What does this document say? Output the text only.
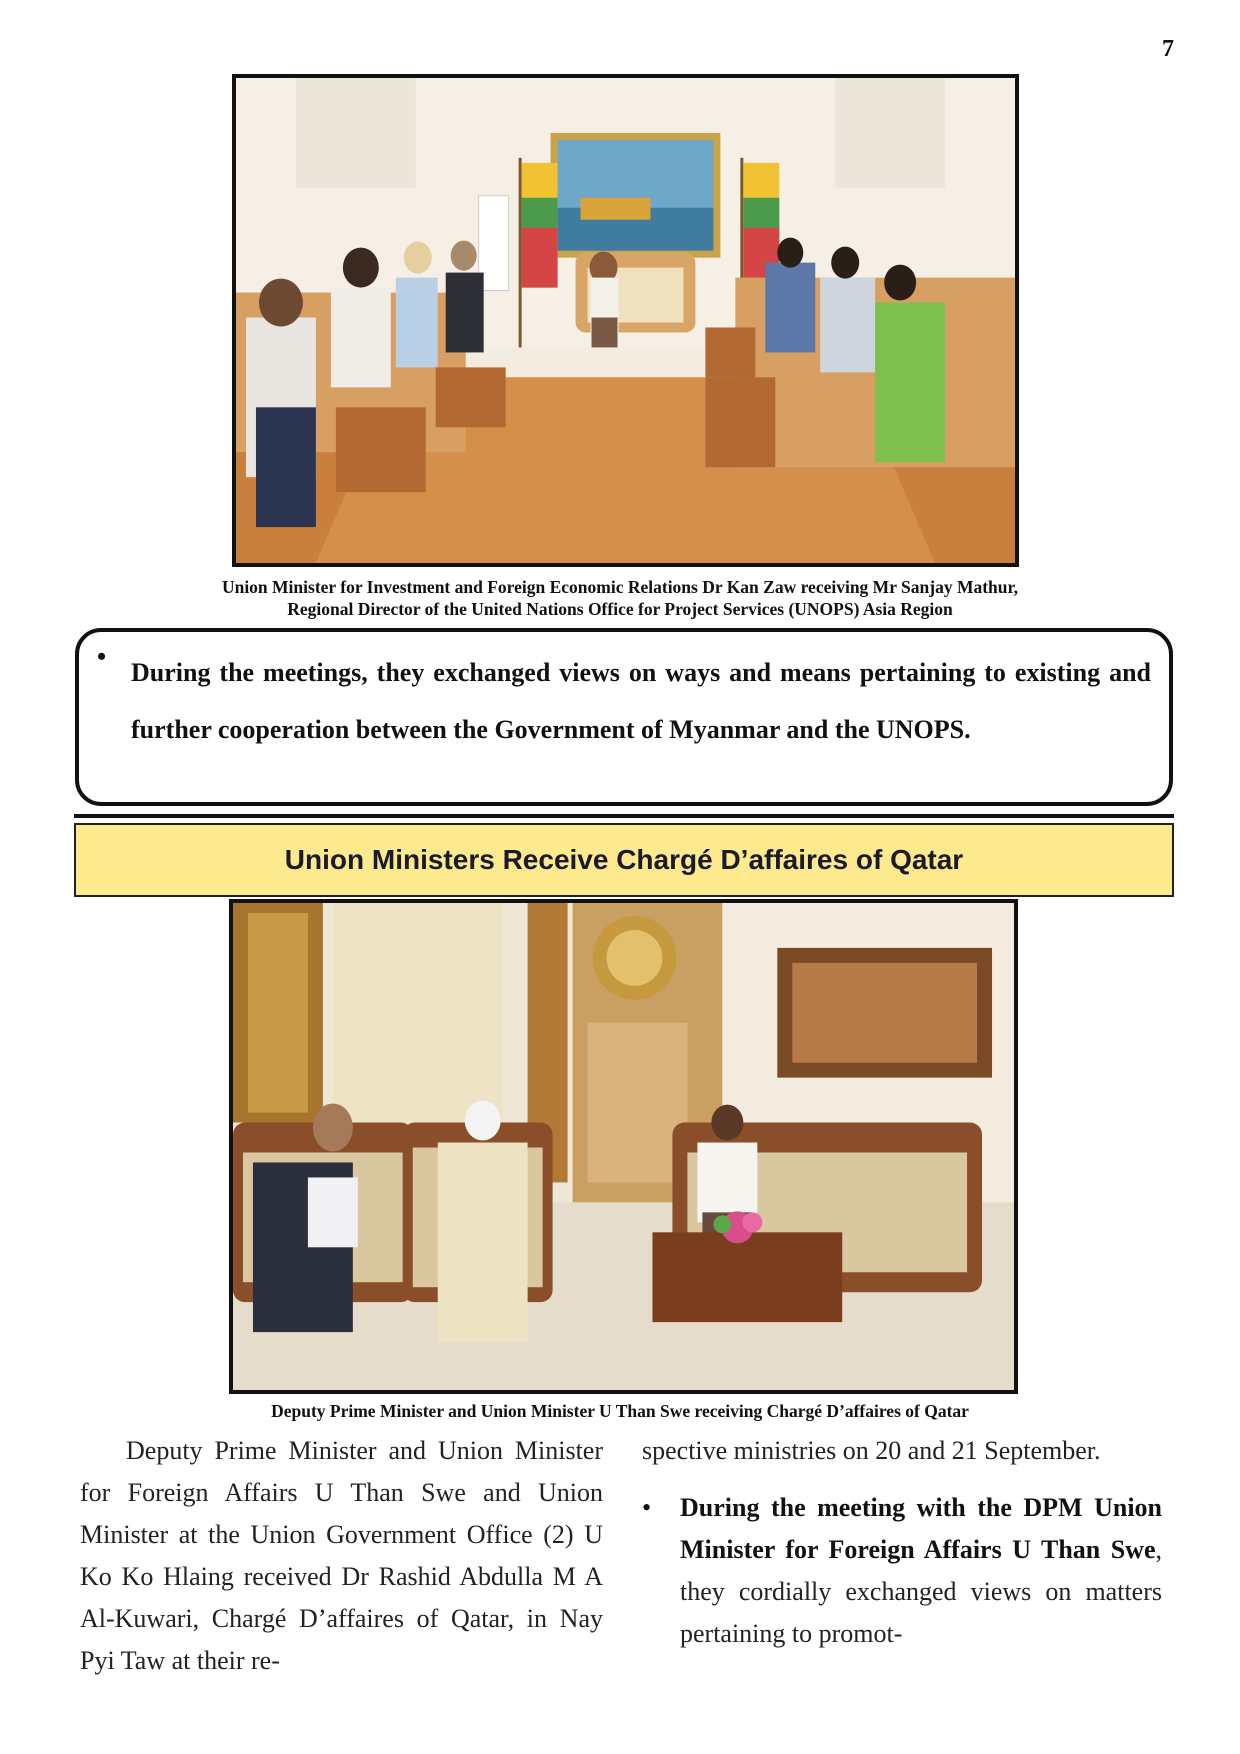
7
Union Minister for Investment and Foreign Economic Relations Dr Kan Zaw receiving Mr Sanjay Mathur,
Regional Director of the United Nations Office for Project Services (UNOPS) Asia Region
•
During the meetings, they exchanged views on ways and means pertaining to existing and further cooperation between the Government of Myanmar and the UNOPS.
Union Ministers Receive Chargé D’affaires of Qatar
Deputy Prime Minister and Union Minister U Than Swe receiving Chargé D’affaires of Qatar
Deputy Prime Minister and Union Minister for Foreign Affairs U Than Swe and Union Minister at the Union Government Office (2) U Ko Ko Hlaing received Dr Rashid Abdulla M A Al-Kuwari, Chargé D’affaires of Qatar, in Nay Pyi Taw at their re-
spective ministries on 20 and 21 September.
• During the meeting with the DPM Union Minister for Foreign Affairs U Than Swe, they cordially exchanged views on matters pertaining to promot-
